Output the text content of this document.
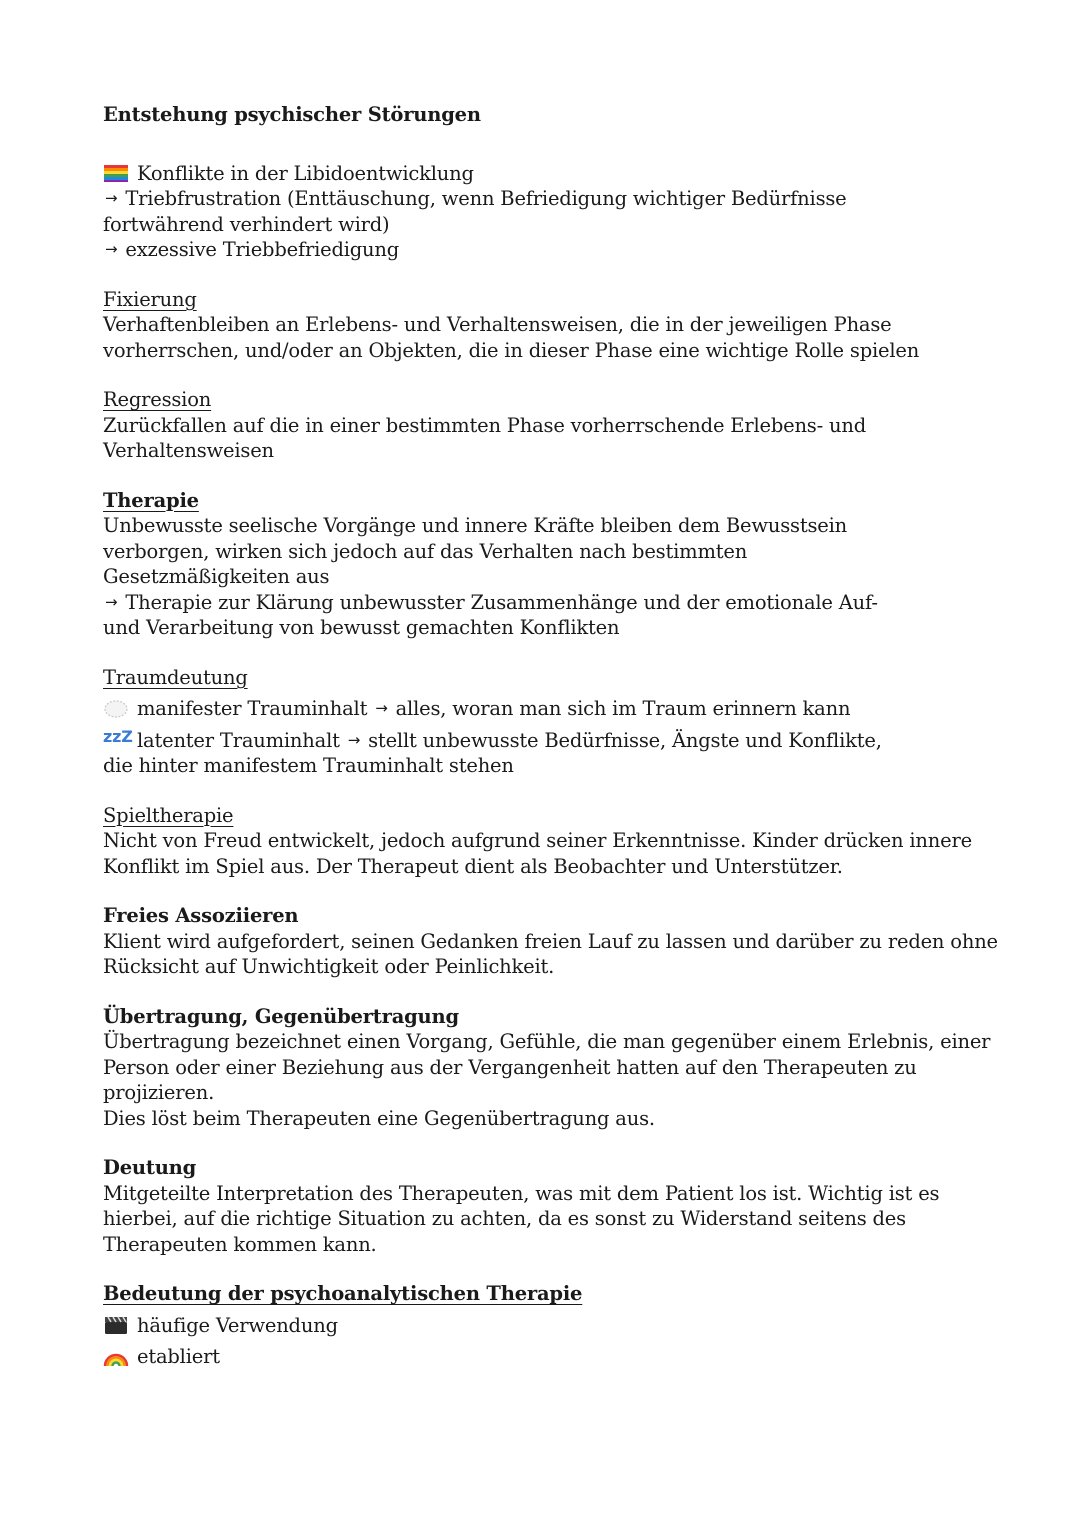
Entstehung psychischer Störungen

Konflikte in der Libidoentwicklung
→ Triebfrustration (Enttäuschung, wenn Befriedigung wichtiger Bedürfnisse

fortwährend verhindert wird)

→ exzessive Triebbefriedigung

Fixierung

Verhaftenbleiben an Erlebens- und Verhaltensweisen, die in der jeweiligen Phase vorherrschen, und/oder an Objekten, die in dieser Phase eine wichtige Rolle spielen

Regression

Zurückfallen auf die in einer bestimmten Phase vorherrschende Erlebens- und Verhaltensweisen

Therapie

Unbewusste seelische Vorgänge und innere Kräfte bleiben dem Bewusstsein

verborgen, wirken sich jedoch auf das Verhalten nach bestimmten

Gesetzmäßigkeiten aus

→ Therapie zur Klärung unbewusster Zusammenhänge und der emotionale Auf-

und Verarbeitung von bewusst gemachten Konflikten

Traumdeutung

manifester Trauminhalt → alles, woran man sich im Traum erinnern kann
zzZ latenter Trauminhalt → stellt unbewusste Bedürfnisse, Ängste und Konflikte,

die hinter manifestem Trauminhalt stehen

Spieltherapie

Nicht von Freud entwickelt, jedoch aufgrund seiner Erkenntnisse. Kinder drücken innere Konflikt im Spiel aus. Der Therapeut dient als Beobachter und Unterstützer.

Freies Assoziieren

Klient wird aufgefordert, seinen Gedanken freien Lauf zu lassen und darüber zu reden ohne Rücksicht auf Unwichtigkeit oder Peinlichkeit.

Übertragung, Gegenübertragung

Übertragung bezeichnet einen Vorgang, Gefühle, die man gegenüber einem Erlebnis, einer Person oder einer Beziehung aus der Vergangenheit hatten auf den Therapeuten zu projizieren.

Dies löst beim Therapeuten eine Gegenübertragung aus.

Deutung

Mitgeteilte Interpretation des Therapeuten, was mit dem Patient los ist. Wichtig ist es hierbei, auf die richtige Situation zu achten, da es sonst zu Widerstand seitens des Therapeuten kommen kann.

Bedeutung der psychoanalytischen Therapie

häufige Verwendung
etabliert
